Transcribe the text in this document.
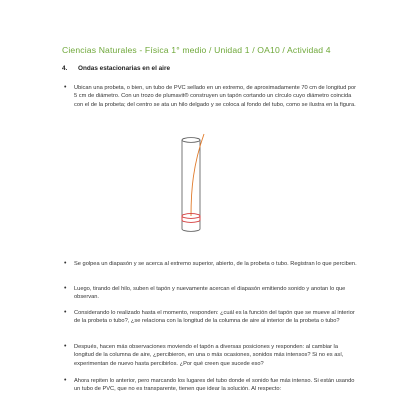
Ciencias Naturales - Física 1° medio / Unidad 1 / OA10 / Actividad 4
4. Ondas estacionarias en el aire
• Ubican una probeta, o bien, un tubo de PVC sellado en un extremo, de aproximadamente 70 cm de longitud por 5 cm de diámetro. Con un trozo de plumavit® construyen un tapón cortando un círculo cuyo diámetro coincida con el de la probeta; del centro se ata un hilo delgado y se coloca al fondo del tubo, como se ilustra en la figura.
• Se golpea un diapasón y se acerca al extremo superior, abierto, de la probeta o tubo. Registran lo que perciben.
• Luego, tirando del hilo, suben el tapón y nuevamente acercan el diapasón emitiendo sonido y anotan lo que observan.
• Considerando lo realizado hasta el momento, responden: ¿cuál es la función del tapón que se mueve al interior de la probeta o tubo?, ¿se relaciona con la longitud de la columna de aire al interior de la probeta o tubo?
• Después, hacen más observaciones moviendo el tapón a diversas posiciones y responden: al cambiar la longitud de la columna de aire, ¿percibieron, en una o más ocasiones, sonidos más intensos? Si no es así, experimentan de nuevo hasta percibirlos. ¿Por qué creen que sucede eso?
• Ahora repiten lo anterior, pero marcando los lugares del tubo donde el sonido fue más intenso. Si están usando un tubo de PVC, que no es transparente, tienen que idear la solución. Al respecto:
